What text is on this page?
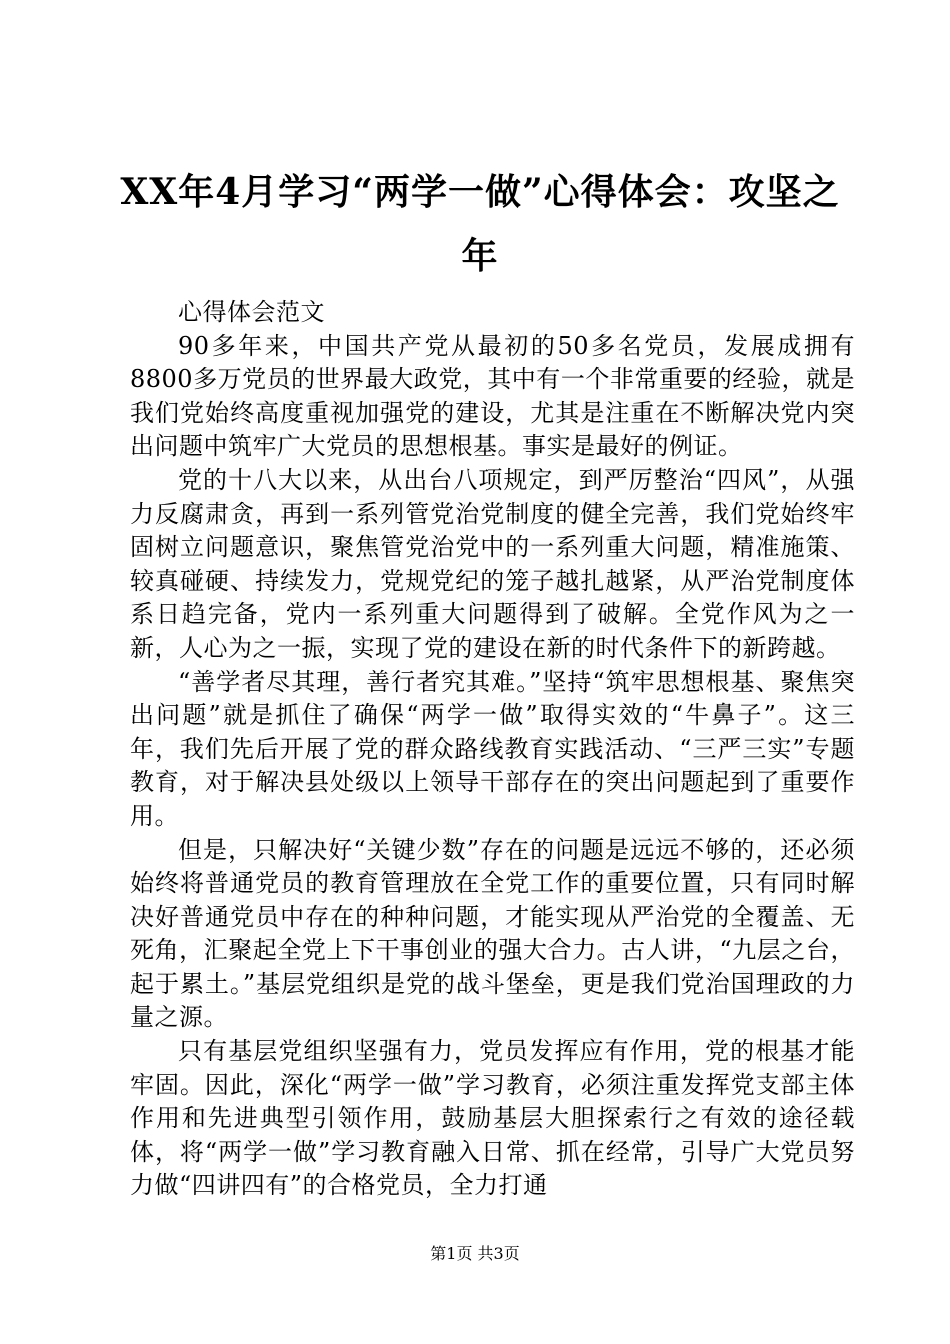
XX年4月学习“两学一做”心得体会：攻坚之年

心得体会范文

90多年来，中国共产党从最初的50多名党员，发展成拥有8800多万党员的世界最大政党，其中有一个非常重要的经验，就是我们党始终高度重视加强党的建设，尤其是注重在不断解决党内突出问题中筑牢广大党员的思想根基。事实是最好的例证。

党的十八大以来，从出台八项规定，到严厉整治“四风”，从强力反腐肃贪，再到一系列管党治党制度的健全完善，我们党始终牢固树立问题意识，聚焦管党治党中的一系列重大问题，精准施策、较真碰硬、持续发力，党规党纪的笼子越扎越紧，从严治党制度体系日趋完备，党内一系列重大问题得到了破解。全党作风为之一新，人心为之一振，实现了党的建设在新的时代条件下的新跨越。

“善学者尽其理，善行者究其难。”坚持“筑牢思想根基、聚焦突出问题”就是抓住了确保“两学一做”取得实效的“牛鼻子”。这三年，我们先后开展了党的群众路线教育实践活动、“三严三实”专题教育，对于解决县处级以上领导干部存在的突出问题起到了重要作用。

但是，只解决好“关键少数”存在的问题是远远不够的，还必须始终将普通党员的教育管理放在全党工作的重要位置，只有同时解决好普通党员中存在的种种问题，才能实现从严治党的全覆盖、无死角，汇聚起全党上下干事创业的强大合力。古人讲，“九层之台，起于累土。”基层党组织是党的战斗堡垒，更是我们党治国理政的力量之源。

只有基层党组织坚强有力，党员发挥应有作用，党的根基才能牢固。因此，深化“两学一做”学习教育，必须注重发挥党支部主体作用和先进典型引领作用，鼓励基层大胆探索行之有效的途径载体，将“两学一做”学习教育融入日常、抓在经常，引导广大党员努力做“四讲四有”的合格党员，全力打通

第1页 共3页
